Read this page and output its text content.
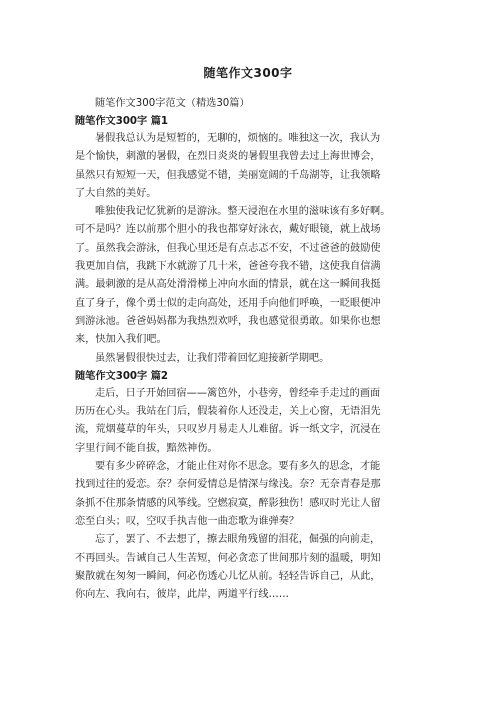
随笔作文300字
随笔作文300字范文（精选30篇）
随笔作文300字 篇1
暑假我总认为是短暂的，无聊的，烦恼的。唯独这一次，我认为
是个愉快，刺激的暑假，在烈日炎炎的暑假里我曾去过上海世博会，
虽然只有短短一天，但我感觉不错，美丽宽阔的千岛湖等，让我领略
了大自然的美好。
唯独使我记忆犹新的是游泳。整天浸泡在水里的滋味该有多好啊。
可不是吗？连以前那个胆小的我也都穿好泳衣，戴好眼镜，就上战场
了。虽然我会游泳，但我心里还是有点忐忑不安，不过爸爸的鼓励使
我更加自信，我跳下水就游了几十米，爸爸夸我不错，这使我自信满
满。最刺激的是从高处滑滑梯上冲向水面的情景，就在这一瞬间我挺
直了身子，像个勇士似的走向高处，还用手向他们呼唤，一眨眼便冲
到游泳池。爸爸妈妈都为我热烈欢呼，我也感觉很勇敢。如果你也想
来，快加入我们吧。
虽然暑假很快过去，让我们带着回忆迎接新学期吧。
随笔作文300字 篇2
走后，日子开始回宿——篱笆外，小巷旁，曾经牵手走过的画面
历历在心头。我站在门后，假装着你人还没走，关上心窗，无语泪先
流，荒烟蔓草的年头，只叹岁月易走人儿难留。诉一纸文字，沉浸在
字里行间不能自拔，黯然神伤。
要有多少碎碎念，才能止住对你不思念。要有多久的思念，才能
找到过往的爱恋。奈？奈何爱情总是情深与缘浅。奈？无奈青春是那
条抓不住那条情感的风筝线。空燃寂寞，醉影独伤！感叹时光让人留
恋至白头；叹，空叹手执吉他一曲恋歌为谁弹奏？
忘了，罢了、不去想了，擦去眼角残留的泪花，倔强的向前走，
不再回头。告诫自己人生苦短，何必贪恋了世间那片刻的温暖，明知
聚散就在匆匆一瞬间，何必伤透心儿忆从前。轻轻告诉自己，从此，
你向左、我向右，彼岸，此岸，两道平行线……
